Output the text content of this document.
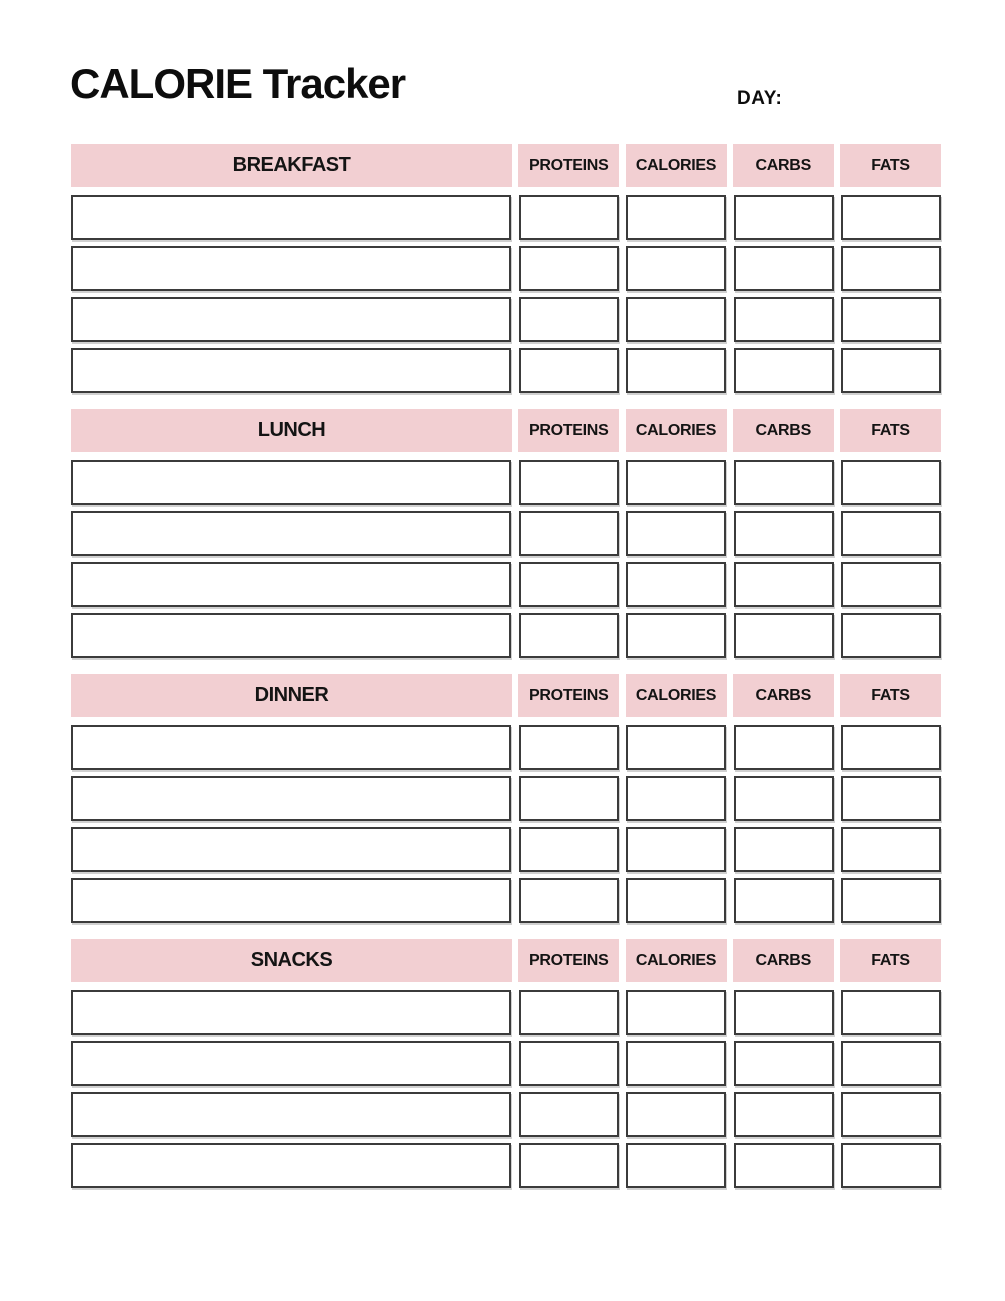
CALORIE Tracker	DAY:
BREAKFAST	PROTEINS	CALORIES	CARBS	FATS
LUNCH	PROTEINS	CALORIES	CARBS	FATS
DINNER	PROTEINS	CALORIES	CARBS	FATS
SNACKS	PROTEINS	CALORIES	CARBS	FATS
